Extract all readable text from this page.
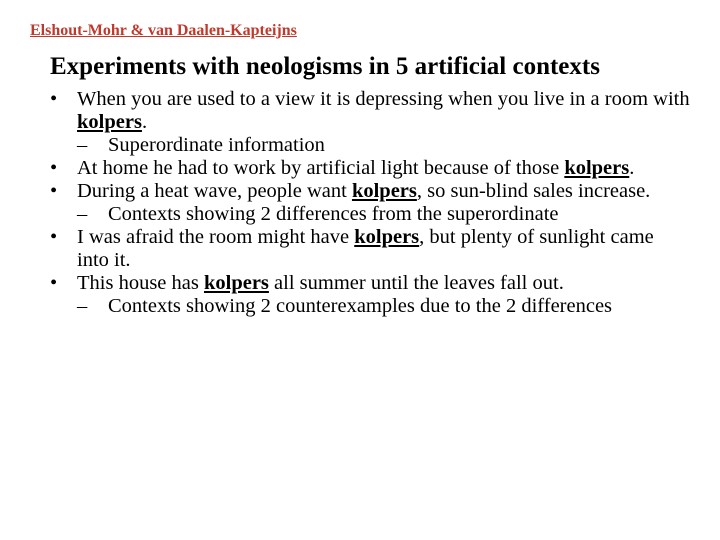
Elshout-Mohr & van Daalen-Kapteijns
Experiments with neologisms in 5 artificial contexts
• When you are used to a view it is depressing when you live in a room with kolpers.
– Superordinate information
• At home he had to work by artificial light because of those kolpers.
• During a heat wave, people want kolpers, so sun-blind sales increase.
– Contexts showing 2 differences from the superordinate
• I was afraid the room might have kolpers, but plenty of sunlight came into it.
• This house has kolpers all summer until the leaves fall out.
– Contexts showing 2 counterexamples due to the 2 differences
